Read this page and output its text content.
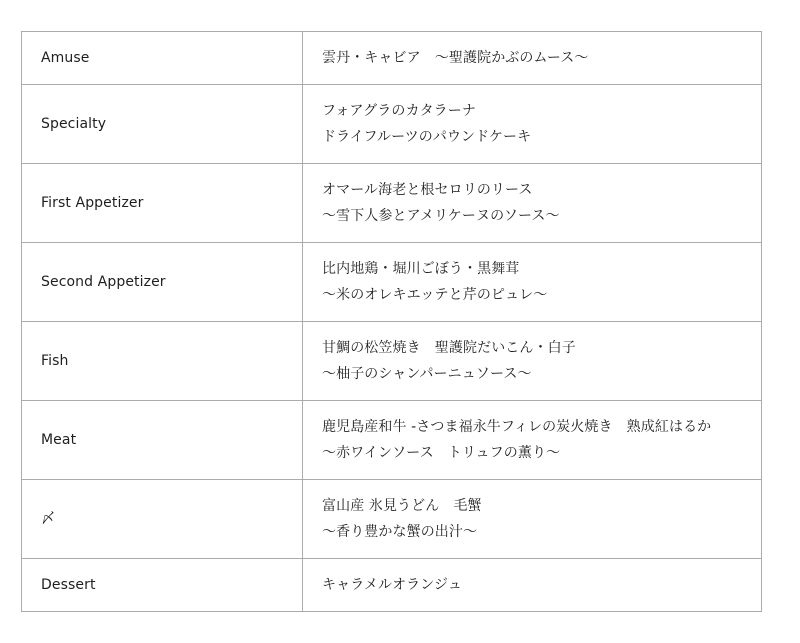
Amuse	雲丹・キャビア　〜聖護院かぶのムース〜

Specialty	フォアグラのカタラーナ
ドライフルーツのパウンドケーキ

First Appetizer	オマール海老と根セロリのリース
〜雪下人参とアメリケーヌのソース〜

Second Appetizer	比内地鶏・堀川ごぼう・黒舞茸
〜米のオレキエッテと芹のピュレ〜

Fish	甘鯛の松笠焼き　聖護院だいこん・白子
〜柚子のシャンパーニュソース〜

Meat	鹿児島産和牛 -さつま福永牛フィレの炭火焼き　熟成紅はるか
〜赤ワインソース　トリュフの薫り〜

〆	富山産 氷見うどん　毛蟹
〜香り豊かな蟹の出汁〜

Dessert	キャラメルオランジュ
